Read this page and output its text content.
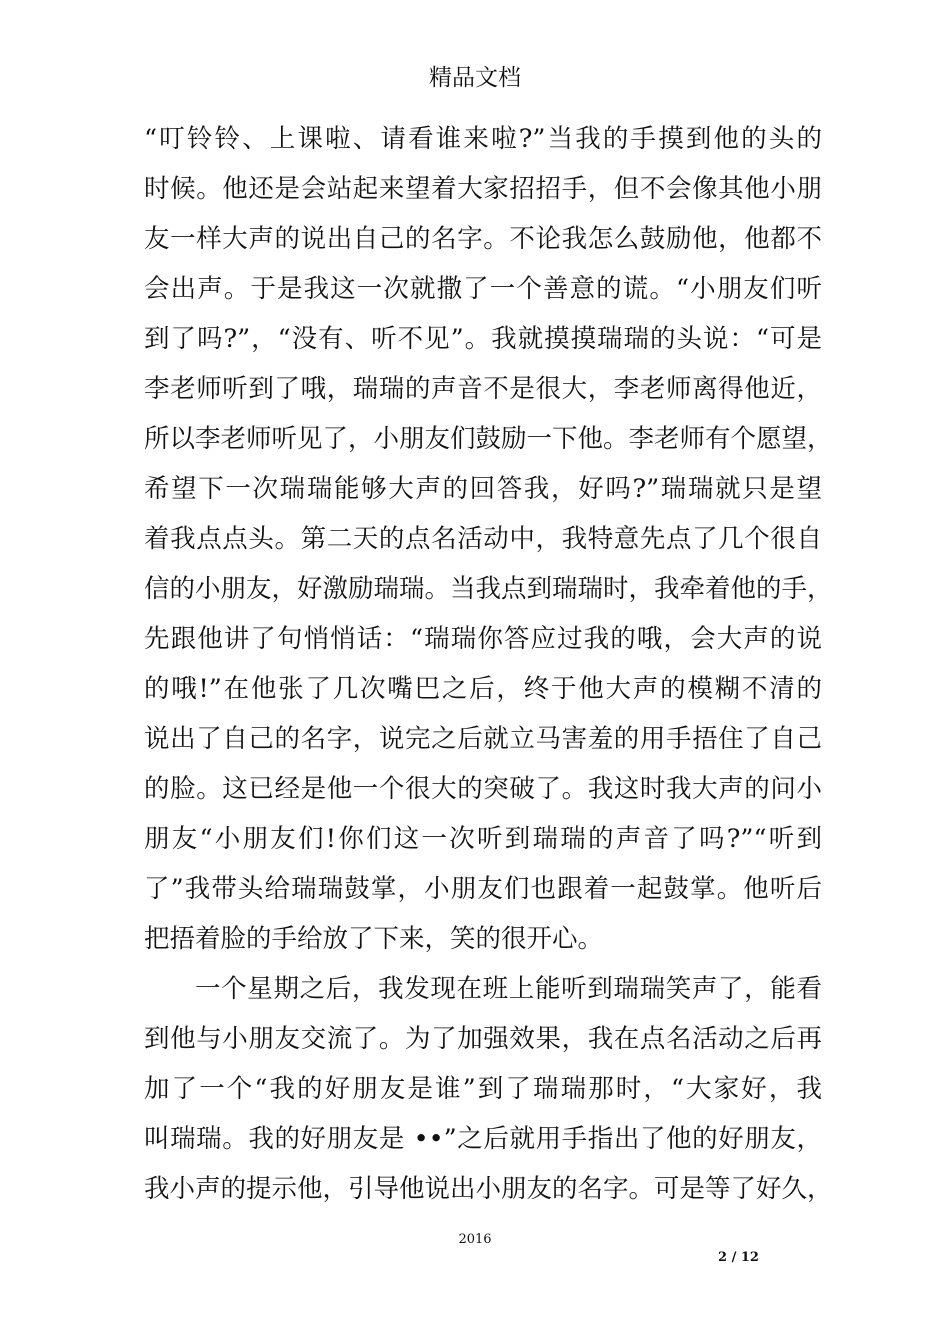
精品文档
“叮铃铃、上课啦、请看谁来啦?”当我的手摸到他的头的
时候。他还是会站起来望着大家招招手，但不会像其他小朋
友一样大声的说出自己的名字。不论我怎么鼓励他，他都不
会出声。于是我这一次就撒了一个善意的谎。“小朋友们听
到了吗?”，“没有、听不见”。我就摸摸瑞瑞的头说：“可是
李老师听到了哦，瑞瑞的声音不是很大，李老师离得他近，
所以李老师听见了，小朋友们鼓励一下他。李老师有个愿望，
希望下一次瑞瑞能够大声的回答我，好吗?”瑞瑞就只是望
着我点点头。第二天的点名活动中，我特意先点了几个很自
信的小朋友，好激励瑞瑞。当我点到瑞瑞时，我牵着他的手，
先跟他讲了句悄悄话：“瑞瑞你答应过我的哦，会大声的说
的哦!”在他张了几次嘴巴之后，终于他大声的模糊不清的
说出了自己的名字，说完之后就立马害羞的用手捂住了自己
的脸。这已经是他一个很大的突破了。我这时我大声的问小
朋友“小朋友们!你们这一次听到瑞瑞的声音了吗?”“听到
了”我带头给瑞瑞鼓掌，小朋友们也跟着一起鼓掌。他听后
把捂着脸的手给放了下来，笑的很开心。
一个星期之后，我发现在班上能听到瑞瑞笑声了，能看
到他与小朋友交流了。为了加强效果，我在点名活动之后再
加了一个“我的好朋友是谁”到了瑞瑞那时，“大家好，我
叫瑞瑞。我的好朋友是 ••”之后就用手指出了他的好朋友，
我小声的提示他，引导他说出小朋友的名字。可是等了好久，
2016
2 / 12
